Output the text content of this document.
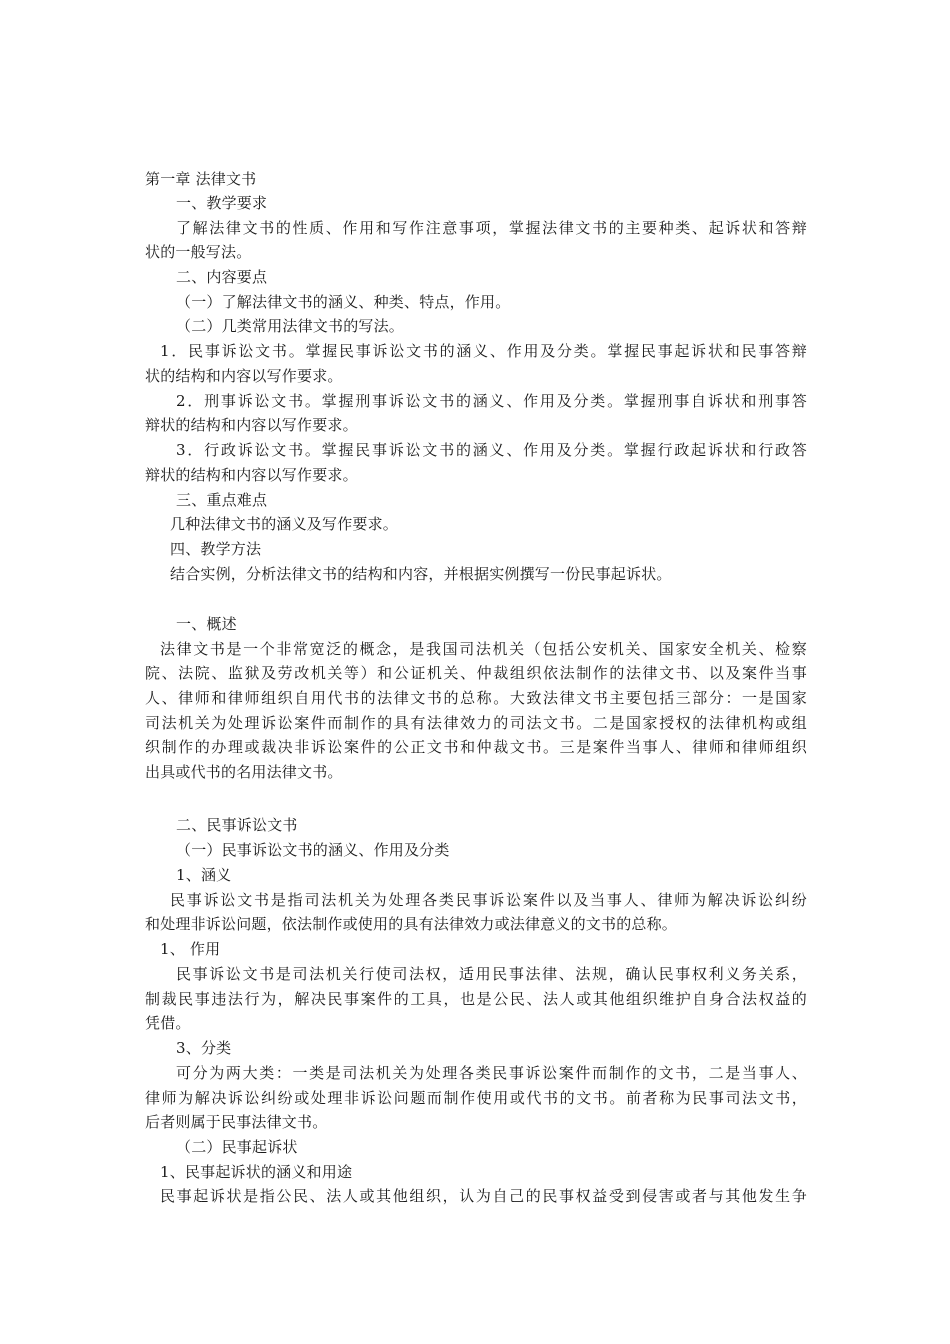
第一章 法律文书
一、教学要求
了解法律文书的性质、作用和写作注意事项，掌握法律文书的主要种类、起诉状和答辩
状的一般写法。
二、内容要点
（一）了解法律文书的涵义、种类、特点，作用。
（二）几类常用法律文书的写法。
1．民事诉讼文书。掌握民事诉讼文书的涵义、作用及分类。掌握民事起诉状和民事答辩
状的结构和内容以写作要求。
2．刑事诉讼文书。掌握刑事诉讼文书的涵义、作用及分类。掌握刑事自诉状和刑事答
辩状的结构和内容以写作要求。
3．行政诉讼文书。掌握民事诉讼文书的涵义、作用及分类。掌握行政起诉状和行政答
辩状的结构和内容以写作要求。
三、重点难点
几种法律文书的涵义及写作要求。
四、教学方法
结合实例，分析法律文书的结构和内容，并根据实例撰写一份民事起诉状。
一、概述
法律文书是一个非常宽泛的概念，是我国司法机关（包括公安机关、国家安全机关、检察
院、法院、监狱及劳改机关等）和公证机关、仲裁组织依法制作的法律文书、以及案件当事
人、律师和律师组织自用代书的法律文书的总称。大致法律文书主要包括三部分：一是国家
司法机关为处理诉讼案件而制作的具有法律效力的司法文书。二是国家授权的法律机构或组
织制作的办理或裁决非诉讼案件的公正文书和仲裁文书。三是案件当事人、律师和律师组织
出具或代书的名用法律文书。
二、民事诉讼文书
（一）民事诉讼文书的涵义、作用及分类
1、涵义
民事诉讼文书是指司法机关为处理各类民事诉讼案件以及当事人、律师为解决诉讼纠纷
和处理非诉讼问题，依法制作或使用的具有法律效力或法律意义的文书的总称。
1、 作用
民事诉讼文书是司法机关行使司法权，适用民事法律、法规，确认民事权利义务关系，
制裁民事违法行为，解决民事案件的工具，也是公民、法人或其他组织维护自身合法权益的
凭借。
3、分类
可分为两大类：一类是司法机关为处理各类民事诉讼案件而制作的文书，二是当事人、
律师为解决诉讼纠纷或处理非诉讼问题而制作使用或代书的文书。前者称为民事司法文书，
后者则属于民事法律文书。
（二）民事起诉状
1、民事起诉状的涵义和用途
民事起诉状是指公民、法人或其他组织，认为自己的民事权益受到侵害或者与其他发生争
